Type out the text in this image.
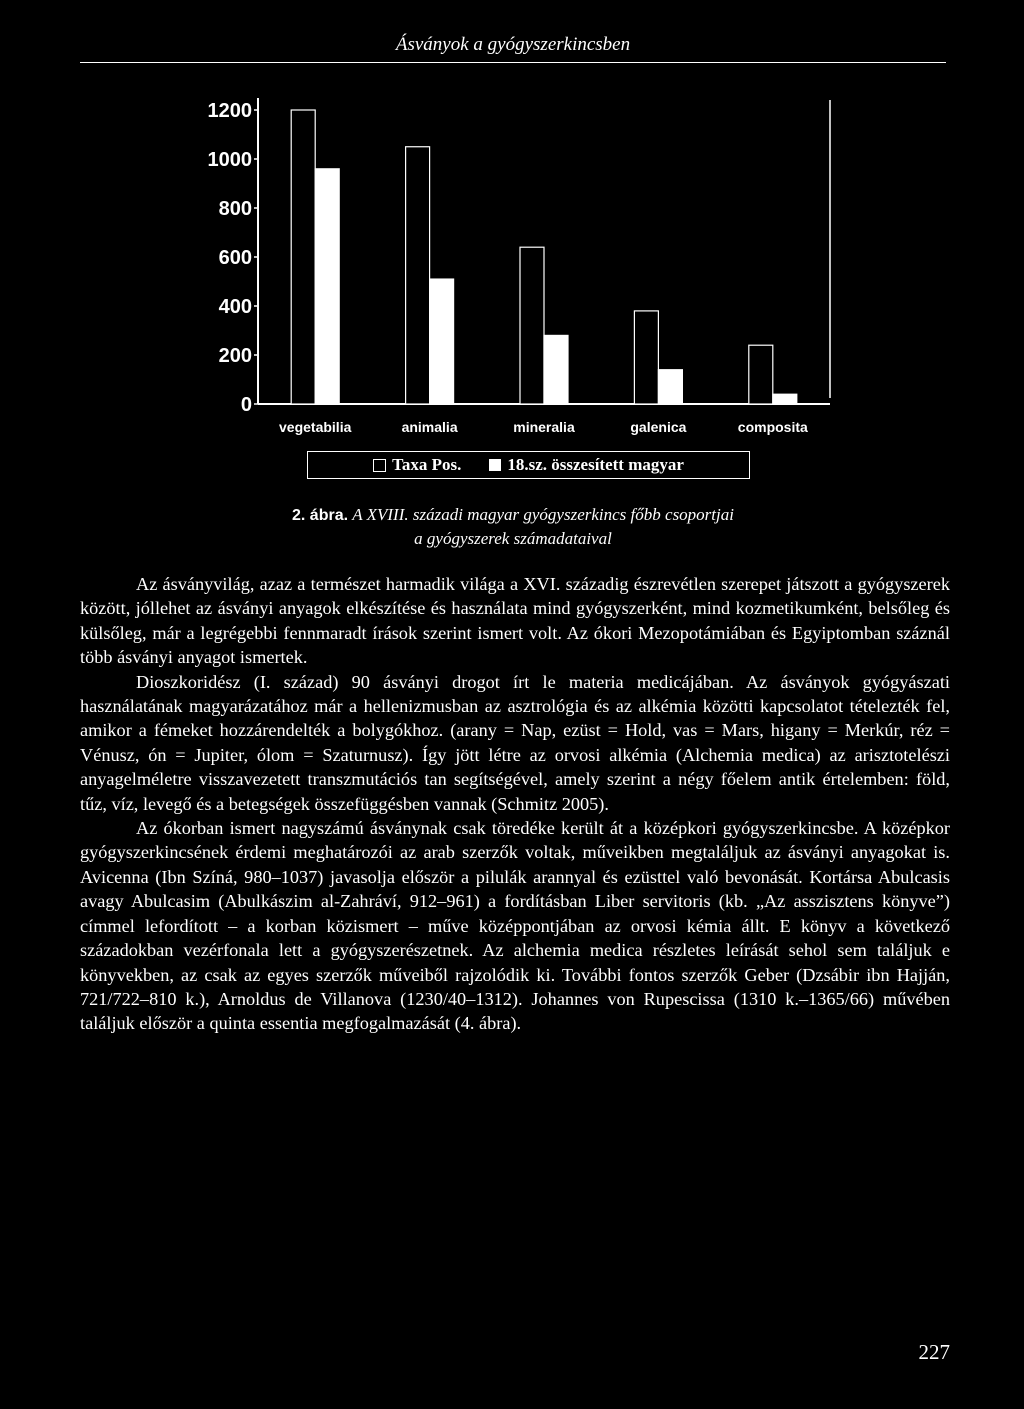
Ásványok a gyógyszerkincsben
0
200
400
600
800
1000
1200
vegetabilia	animalia	mineralia	galenica	composita
Taxa Pos.	18.sz. összesített magyar
2. ábra. A XVIII. századi magyar gyógyszerkincs főbb csoportjai
a gyógyszerek számadataival

Az ásványvilág, azaz a természet harmadik világa a XVI. századig észrevétlen szerepet játszott a gyógyszerek között, jóllehet az ásványi anyagok elkészítése és használata mind gyógyszerként, mind kozmetikumként, belsőleg és külsőleg, már a legrégebbi fennmaradt írások szerint ismert volt. Az ókori Mezopotámiában és Egyiptomban száznál több ásványi anyagot ismertek.

Dioszkoridész (I. század) 90 ásványi drogot írt le materia medicájában. Az ásványok gyógyászati használatának magyarázatához már a hellenizmusban az asztrológia és az alkémia közötti kapcsolatot tételezték fel, amikor a fémeket hozzárendelték a bolygókhoz. (arany = Nap, ezüst = Hold, vas = Mars, higany = Merkúr, réz = Vénusz, ón = Jupiter, ólom = Szaturnusz). Így jött létre az orvosi alkémia (Alchemia medica) az arisztotelészi anyagelméletre visszavezetett transzmutációs tan segítségével, amely szerint a négy főelem antik értelemben: föld, tűz, víz, levegő és a betegségek összefüggésben vannak (Schmitz 2005).

Az ókorban ismert nagyszámú ásványnak csak töredéke került át a középkori gyógyszerkincsbe. A középkor gyógyszerkincsének érdemi meghatározói az arab szerzők voltak, műveikben megtaláljuk az ásványi anyagokat is. Avicenna (Ibn Színá, 980–1037) javasolja először a pilulák arannyal és ezüsttel való bevonását. Kortársa Abulcasis avagy Abulcasim (Abulkászim al-Zahráví, 912–961) a fordításban Liber servitoris (kb. „Az asszisztens könyve”) címmel lefordított – a korban közismert – műve középpontjában az orvosi kémia állt. E könyv a következő századokban vezérfonala lett a gyógyszerészetnek. Az alchemia medica részletes leírását sehol sem találjuk e könyvekben, az csak az egyes szerzők műveiből rajzolódik ki. További fontos szerzők Geber (Dzsábir ibn Hajján, 721/722–810 k.), Arnoldus de Villanova (1230/40–1312). Johannes von Rupescissa (1310 k.–1365/66) művében találjuk először a quinta essentia megfogalmazását (4. ábra).

227
